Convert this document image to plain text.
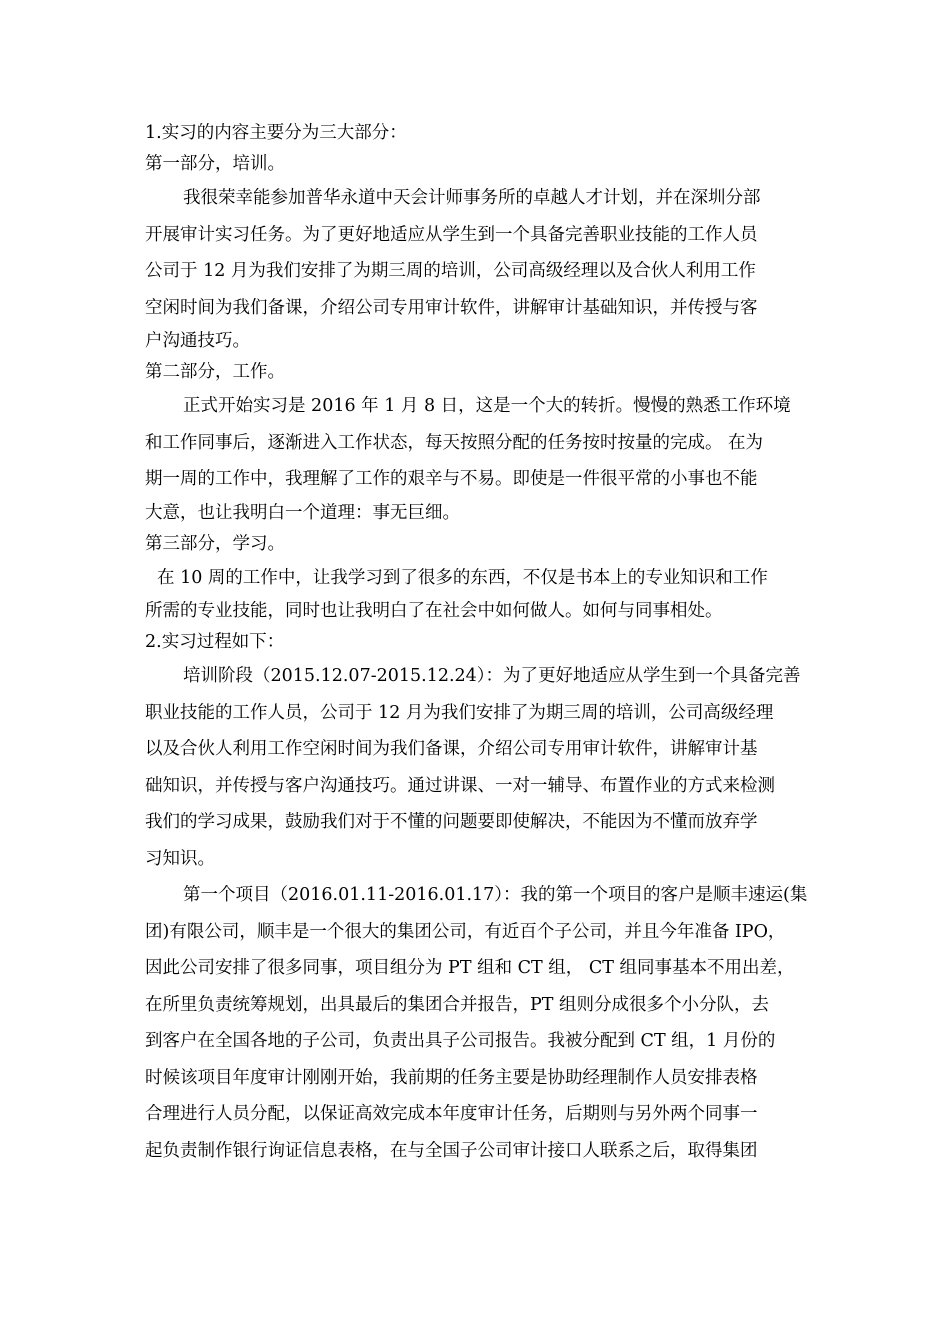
1.实习的内容主要分为三大部分：
第一部分，培训。
我很荣幸能参加普华永道中天会计师事务所的卓越人才计划，并在深圳分部
开展审计实习任务。为了更好地适应从学生到一个具备完善职业技能的工作人员
公司于 12 月为我们安排了为期三周的培训，公司高级经理以及合伙人利用工作
空闲时间为我们备课，介绍公司专用审计软件，讲解审计基础知识，并传授与客
户沟通技巧。
第二部分，工作。
正式开始实习是 2016 年 1 月 8 日，这是一个大的转折。慢慢的熟悉工作环境
和工作同事后，逐渐进入工作状态，每天按照分配的任务按时按量的完成。 在为
期一周的工作中，我理解了工作的艰辛与不易。即使是一件很平常的小事也不能
大意，也让我明白一个道理：事无巨细。
第三部分，学习。
在 10 周的工作中，让我学习到了很多的东西，不仅是书本上的专业知识和工作
所需的专业技能，同时也让我明白了在社会中如何做人。如何与同事相处。
2.实习过程如下：
培训阶段（2015.12.07-2015.12.24）：为了更好地适应从学生到一个具备完善
职业技能的工作人员，公司于 12 月为我们安排了为期三周的培训，公司高级经理
以及合伙人利用工作空闲时间为我们备课，介绍公司专用审计软件，讲解审计基
础知识，并传授与客户沟通技巧。通过讲课、一对一辅导、布置作业的方式来检测
我们的学习成果，鼓励我们对于不懂的问题要即使解决，不能因为不懂而放弃学
习知识。
第一个项目（2016.01.11-2016.01.17）：我的第一个项目的客户是顺丰速运(集
团)有限公司，顺丰是一个很大的集团公司，有近百个子公司，并且今年准备 IPO，
因此公司安排了很多同事，项目组分为 PT 组和 CT 组， CT 组同事基本不用出差，
在所里负责统筹规划，出具最后的集团合并报告，PT 组则分成很多个小分队，去
到客户在全国各地的子公司，负责出具子公司报告。我被分配到 CT 组，1 月份的
时候该项目年度审计刚刚开始，我前期的任务主要是协助经理制作人员安排表格
合理进行人员分配，以保证高效完成本年度审计任务，后期则与另外两个同事一
起负责制作银行询证信息表格，在与全国子公司审计接口人联系之后，取得集团
